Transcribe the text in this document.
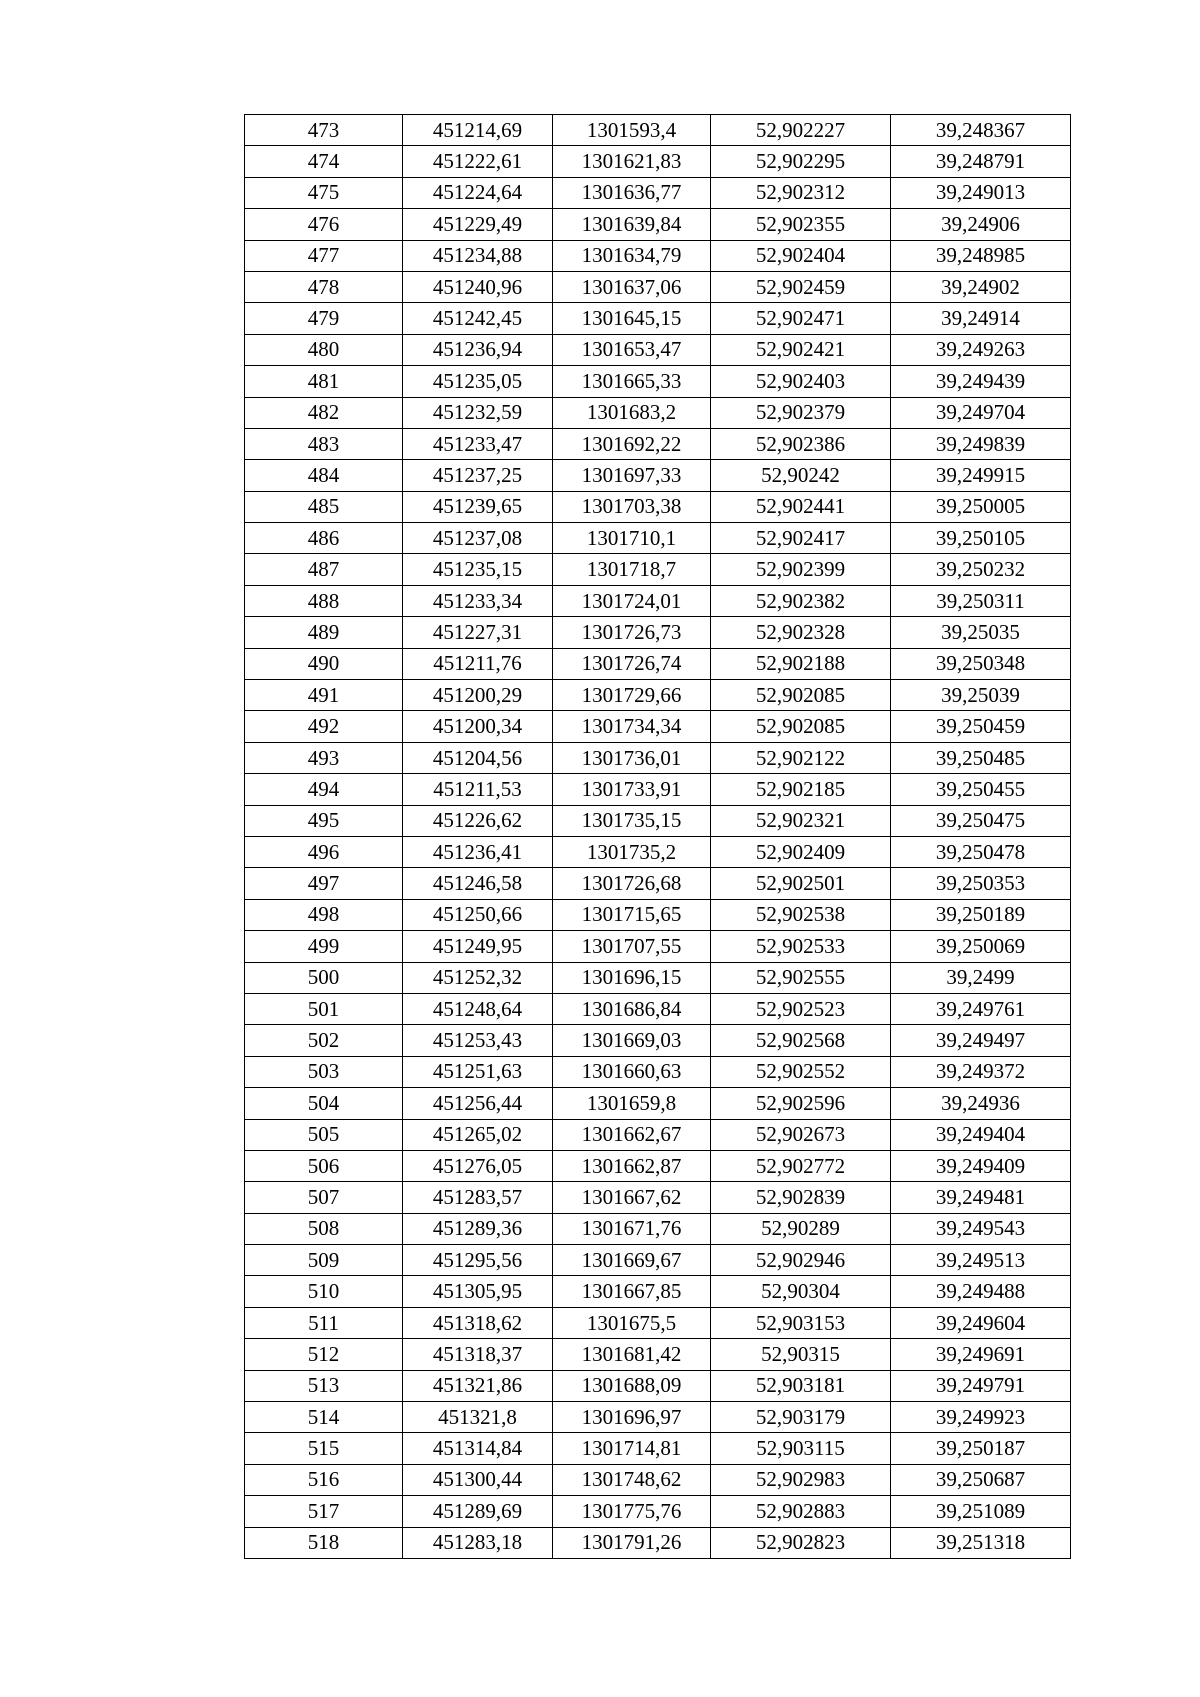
473	451214,69	1301593,4	52,902227	39,248367
474	451222,61	1301621,83	52,902295	39,248791
475	451224,64	1301636,77	52,902312	39,249013
476	451229,49	1301639,84	52,902355	39,24906
477	451234,88	1301634,79	52,902404	39,248985
478	451240,96	1301637,06	52,902459	39,24902
479	451242,45	1301645,15	52,902471	39,24914
480	451236,94	1301653,47	52,902421	39,249263
481	451235,05	1301665,33	52,902403	39,249439
482	451232,59	1301683,2	52,902379	39,249704
483	451233,47	1301692,22	52,902386	39,249839
484	451237,25	1301697,33	52,90242	39,249915
485	451239,65	1301703,38	52,902441	39,250005
486	451237,08	1301710,1	52,902417	39,250105
487	451235,15	1301718,7	52,902399	39,250232
488	451233,34	1301724,01	52,902382	39,250311
489	451227,31	1301726,73	52,902328	39,25035
490	451211,76	1301726,74	52,902188	39,250348
491	451200,29	1301729,66	52,902085	39,25039
492	451200,34	1301734,34	52,902085	39,250459
493	451204,56	1301736,01	52,902122	39,250485
494	451211,53	1301733,91	52,902185	39,250455
495	451226,62	1301735,15	52,902321	39,250475
496	451236,41	1301735,2	52,902409	39,250478
497	451246,58	1301726,68	52,902501	39,250353
498	451250,66	1301715,65	52,902538	39,250189
499	451249,95	1301707,55	52,902533	39,250069
500	451252,32	1301696,15	52,902555	39,2499
501	451248,64	1301686,84	52,902523	39,249761
502	451253,43	1301669,03	52,902568	39,249497
503	451251,63	1301660,63	52,902552	39,249372
504	451256,44	1301659,8	52,902596	39,24936
505	451265,02	1301662,67	52,902673	39,249404
506	451276,05	1301662,87	52,902772	39,249409
507	451283,57	1301667,62	52,902839	39,249481
508	451289,36	1301671,76	52,90289	39,249543
509	451295,56	1301669,67	52,902946	39,249513
510	451305,95	1301667,85	52,90304	39,249488
511	451318,62	1301675,5	52,903153	39,249604
512	451318,37	1301681,42	52,90315	39,249691
513	451321,86	1301688,09	52,903181	39,249791
514	451321,8	1301696,97	52,903179	39,249923
515	451314,84	1301714,81	52,903115	39,250187
516	451300,44	1301748,62	52,902983	39,250687
517	451289,69	1301775,76	52,902883	39,251089
518	451283,18	1301791,26	52,902823	39,251318
